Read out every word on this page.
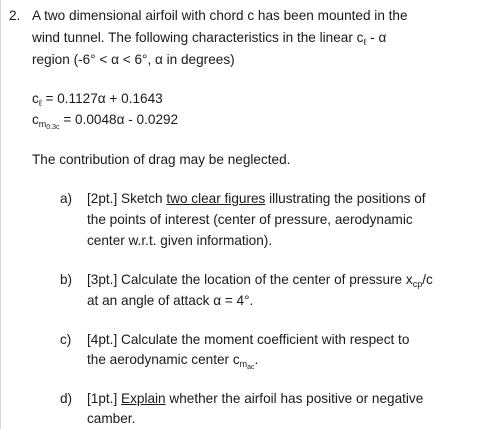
2. A two dimensional airfoil with chord c has been mounted in the
wind tunnel. The following characteristics in the linear $c_\ell$ - α
region (-6° < α < 6°, α in degrees)
$c_\ell = 0.1127\alpha + 0.1643$
$c_{m0.3c} = 0.0048\alpha - 0.0292$
The contribution of drag may be neglected.
a) [2pt.] Sketch two clear figures illustrating the positions of
the points of interest (center of pressure, aerodynamic
center w.r.t. given information).
b) [3pt.] Calculate the location of the center of pressure $x_{cp}/c$
at an angle of attack α = 4°.
c) [4pt.] Calculate the moment coefficient with respect to
the aerodynamic center $c_{mac}$.
d) [1pt.] Explain whether the airfoil has positive or negative
camber.
